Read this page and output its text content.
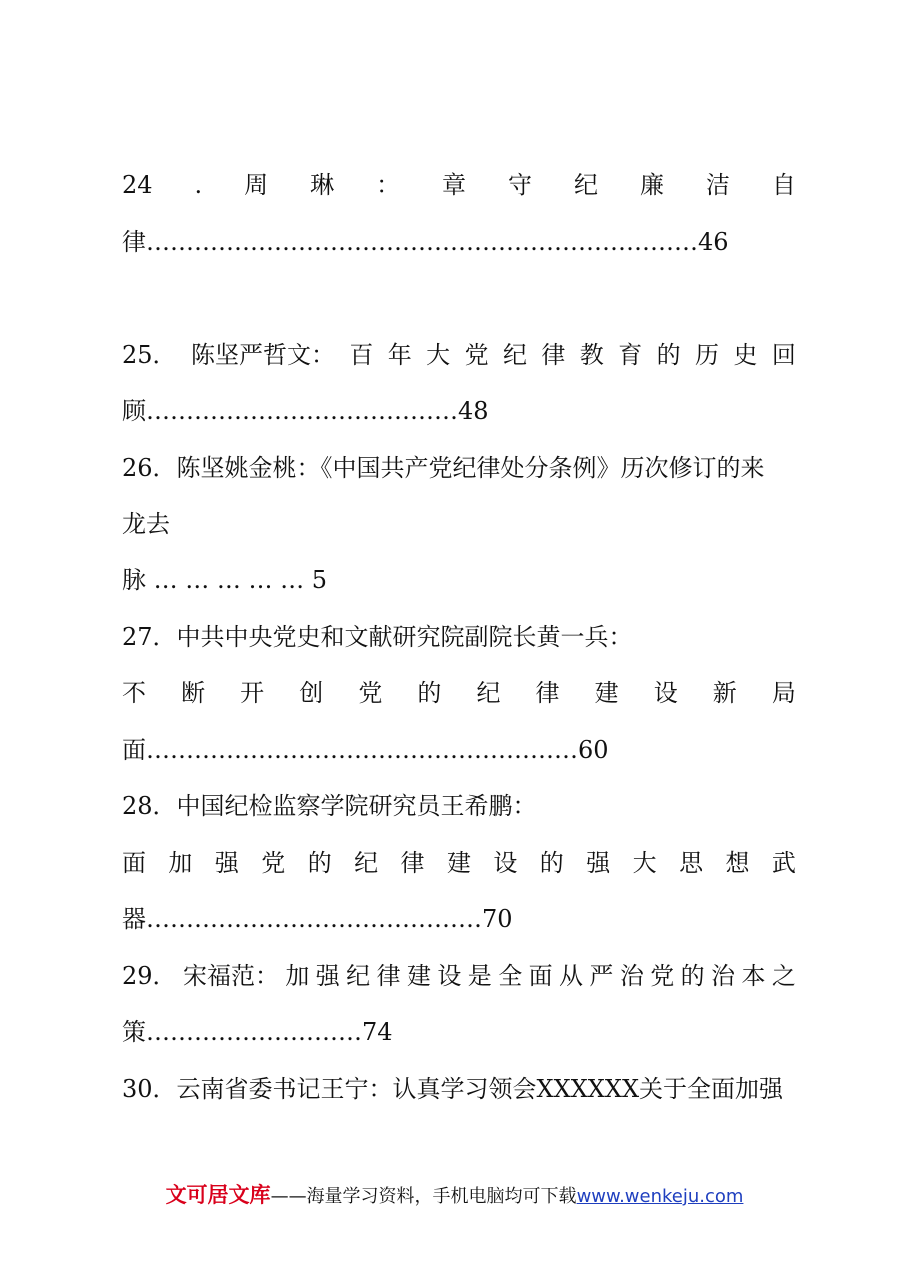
24 . 周 琳 ： 章 守 纪 廉 洁 自
律……………………………………………………………46
25． 陈坚严哲文： 百 年 大 党 纪 律 教 育 的 历 史 回
顾…………………………………48
26．陈坚姚金桃：《中国共产党纪律处分条例》历次修订的来
龙去
脉 … … … … … 5
27．中共中央党史和文献研究院副院长黄一兵：
不 断 开 创 党 的 纪 律 建 设 新 局
面………………………………………………60
28．中国纪检监察学院研究员王希鹏：
面 加 强 党 的 纪 律 建 设 的 强 大 思 想 武
器……………………………………70
29． 宋福范： 加 强 纪 律 建 设 是 全 面 从 严 治 党 的 治 本 之
策………………………74
30．云南省委书记王宁：认真学习领会XXXXXX关于全面加强
文可居文库——海量学习资料，手机电脑均可下载www.wenkeju.com
